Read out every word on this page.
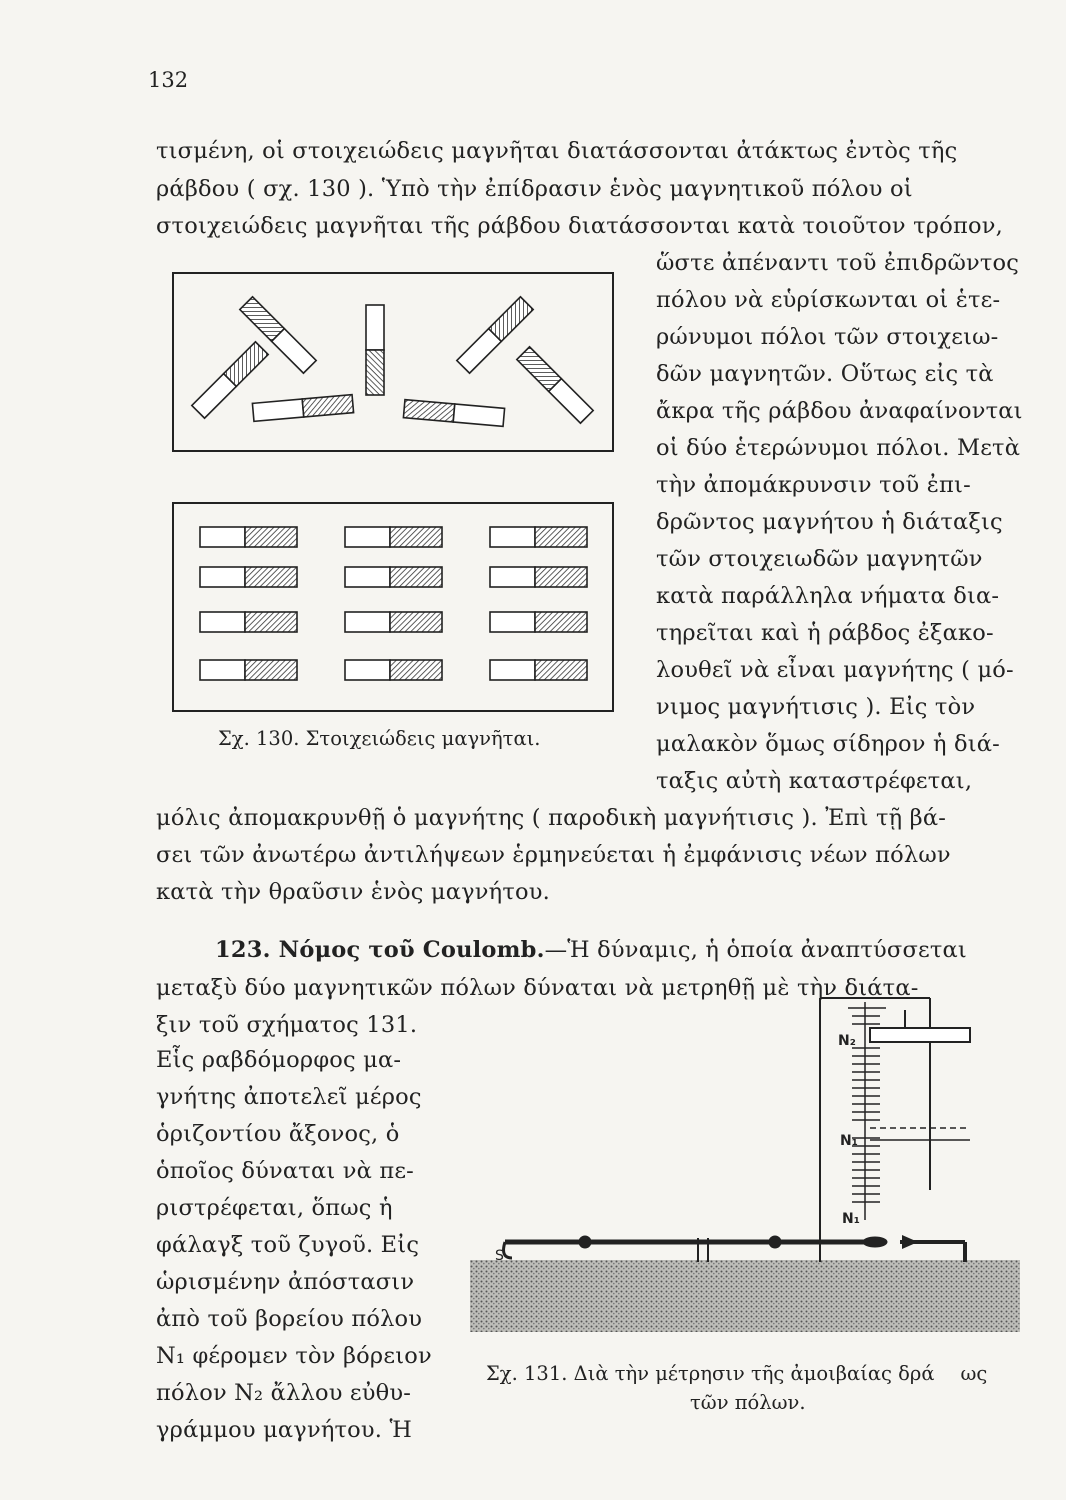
132
τισμένη, οἱ στοιχειώδεις μαγνῆται διατάσσονται ἀτάκτως ἐντὸς τῆς
ράβδου ( σχ. 130 ). Ὑπὸ τὴν ἐπίδρασιν ἑνὸς μαγνητικοῦ πόλου οἱ
στοιχειώδεις μαγνῆται τῆς ράβδου διατάσσονται κατὰ τοιοῦτον τρόπον,
Σχ. 130. Στοιχειώδεις μαγνῆται.
ὥστε ἀπέναντι τοῦ ἐπιδρῶντος
πόλου νὰ εὑρίσκωνται οἱ ἑτε-
ρώνυμοι πόλοι τῶν στοιχειω-
δῶν μαγνητῶν. Οὕτως εἰς τὰ
ἄκρα τῆς ράβδου ἀναφαίνονται
οἱ δύο ἑτερώνυμοι πόλοι. Μετὰ
τὴν ἀπομάκρυνσιν τοῦ ἐπι-
δρῶντος μαγνήτου ἡ διάταξις
τῶν στοιχειωδῶν μαγνητῶν
κατὰ παράλληλα νήματα δια-
τηρεῖται καὶ ἡ ράβδος ἐξακο-
λουθεῖ νὰ εἶναι μαγνήτης ( μό-
νιμος μαγνήτισις ). Εἰς τὸν
μαλακὸν ὅμως σίδηρον ἡ διά-
ταξις αὐτὴ καταστρέφεται,
μόλις ἀπομακρυνθῇ ὁ μαγνήτης ( παροδικὴ μαγνήτισις ). Ἐπὶ τῇ βά-
σει τῶν ἀνωτέρω ἀντιλήψεων ἑρμηνεύεται ἡ ἐμφάνισις νέων πόλων
κατὰ τὴν θραῦσιν ἑνὸς μαγνήτου.
123. Νόμος τοῦ Coulomb.—Ἡ δύναμις, ἡ ὁποία ἀναπτύσσεται
μεταξὺ δύο μαγνητικῶν πόλων δύναται νὰ μετρηθῇ μὲ τὴν διάτα-
ξιν τοῦ σχήματος 131.
Εἷς ραβδόμορφος μα-
γνήτης ἀποτελεῖ μέρος
ὁριζοντίου ἄξονος, ὁ
ὁποῖος δύναται νὰ πε-
ριστρέφεται, ὅπως ἡ
φάλαγξ τοῦ ζυγοῦ. Εἰς
ὡρισμένην ἀπόστασιν
ἀπὸ τοῦ βορείου πόλου
N₁ φέρομεν τὸν βόρειον
πόλον N₂ ἄλλου εὐθυ-
γράμμου μαγνήτου. Ἡ
N₂
N₁
N₁
S
Σχ. 131. Διὰ τὴν μέτρησιν τῆς ἀμοιβαίας δρά ως
τῶν πόλων.
